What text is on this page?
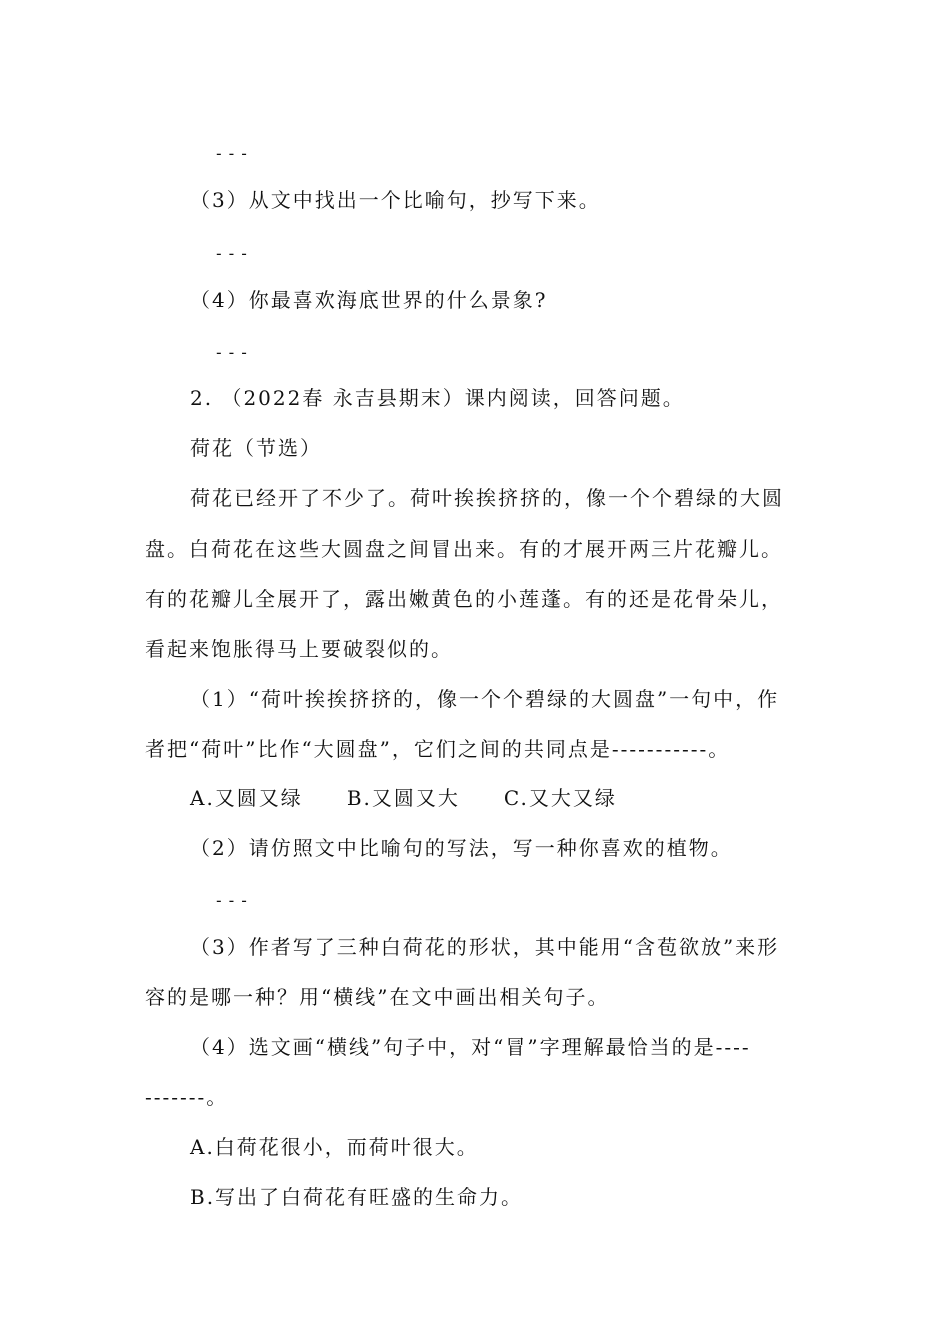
---
（3）从文中找出一个比喻句，抄写下来。
---
（4）你最喜欢海底世界的什么景象?
---
2. （2022春 永吉县期末）课内阅读，回答问题。
荷花（节选）
荷花已经开了不少了。荷叶挨挨挤挤的，像一个个碧绿的大圆
盘。白荷花在这些大圆盘之间冒出来。有的才展开两三片花瓣儿。
有的花瓣儿全展开了，露出嫩黄色的小莲蓬。有的还是花骨朵儿，
看起来饱胀得马上要破裂似的。
（1）“荷叶挨挨挤挤的，像一个个碧绿的大圆盘”一句中，作
者把“荷叶”比作“大圆盘”，它们之间的共同点是-----------。
A.又圆又绿 B.又圆又大 C.又大又绿
（2）请仿照文中比喻句的写法，写一种你喜欢的植物。
---
（3）作者写了三种白荷花的形状，其中能用“含苞欲放”来形
容的是哪一种？用“横线”在文中画出相关句子。
（4）选文画“横线”句子中，对“冒”字理解最恰当的是----
-------。
A.白荷花很小，而荷叶很大。
B.写出了白荷花有旺盛的生命力。
